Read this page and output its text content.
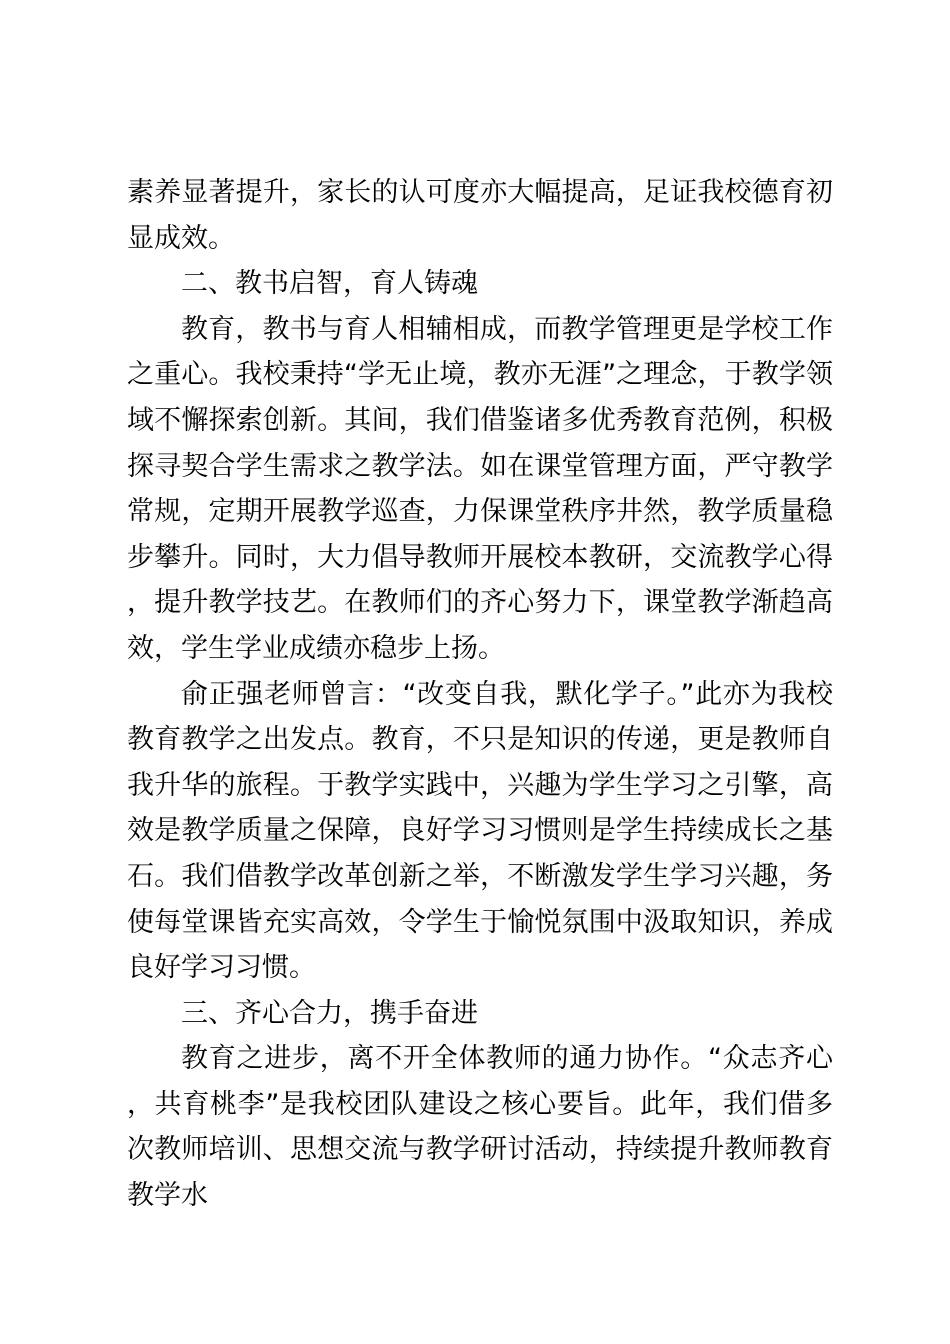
素养显著提升，家长的认可度亦大幅提高，足证我校德育初显成效。

二、教书启智，育人铸魂

教育，教书与育人相辅相成，而教学管理更是学校工作之重心。我校秉持“学无止境，教亦无涯”之理念，于教学领域不懈探索创新。其间，我们借鉴诸多优秀教育范例，积极探寻契合学生需求之教学法。如在课堂管理方面，严守教学常规，定期开展教学巡查，力保课堂秩序井然，教学质量稳步攀升。同时，大力倡导教师开展校本教研，交流教学心得，提升教学技艺。在教师们的齐心努力下，课堂教学渐趋高效，学生学业成绩亦稳步上扬。

俞正强老师曾言：“改变自我，默化学子。”此亦为我校教育教学之出发点。教育，不只是知识的传递，更是教师自我升华的旅程。于教学实践中，兴趣为学生学习之引擎，高效是教学质量之保障，良好学习习惯则是学生持续成长之基石。我们借教学改革创新之举，不断激发学生学习兴趣，务使每堂课皆充实高效，令学生于愉悦氛围中汲取知识，养成良好学习习惯。

三、齐心合力，携手奋进

教育之进步，离不开全体教师的通力协作。“众志齐心，共育桃李”是我校团队建设之核心要旨。此年，我们借多次教师培训、思想交流与教学研讨活动，持续提升教师教育教学水
